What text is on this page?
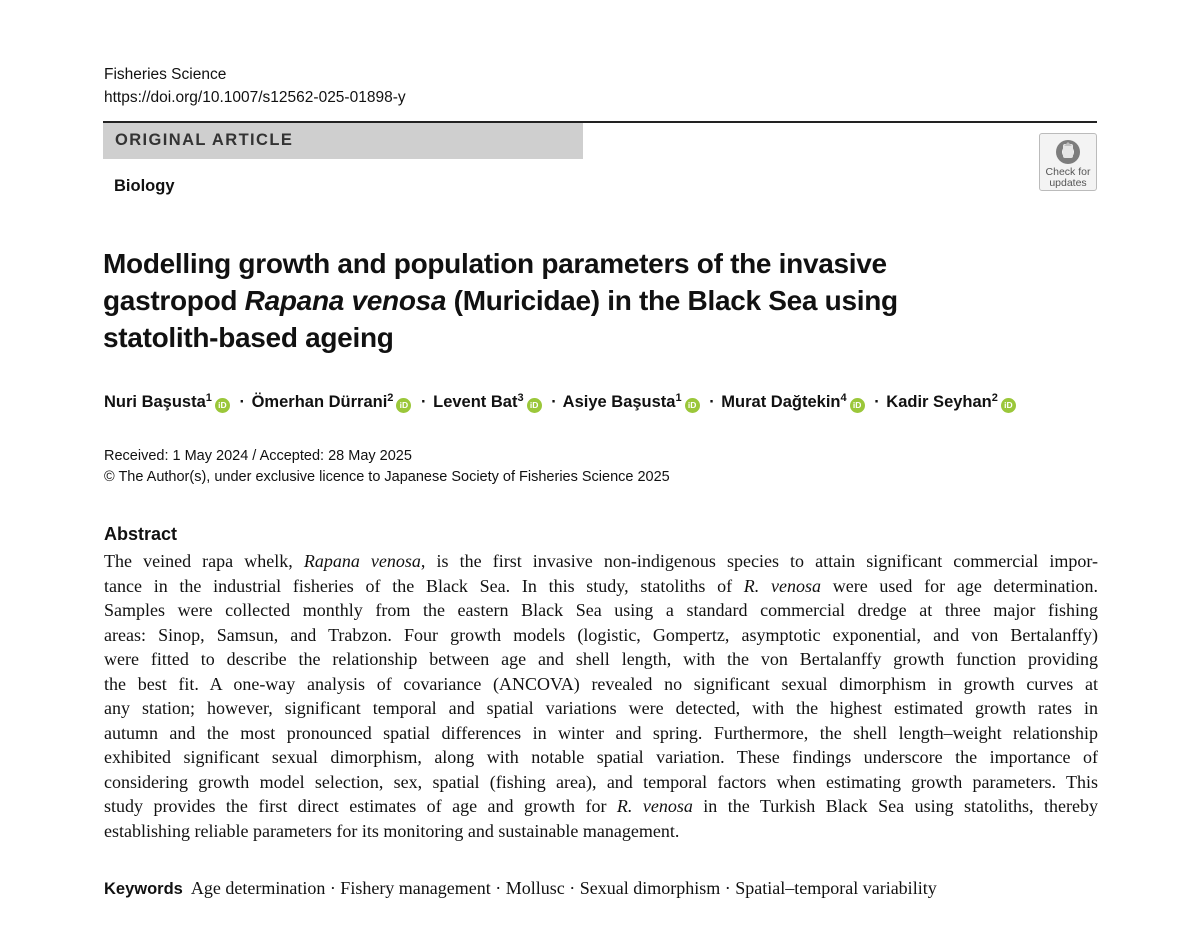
Fisheries Science
https://doi.org/10.1007/s12562-025-01898-y
ORIGINAL ARTICLE
Biology
Check for
updates
Modelling growth and population parameters of the invasive
gastropod Rapana venosa (Muricidae) in the Black Sea using
statolith-based ageing
Nuri Başusta$^1$iD · Ömerhan Dürrani$^2$iD · Levent Bat$^3$iD · Asiye Başusta$^1$iD · Murat Dağtekin$^4$iD · Kadir Seyhan$^2$iD
Received: 1 May 2024 / Accepted: 28 May 2025
© The Author(s), under exclusive licence to Japanese Society of Fisheries Science 2025
Abstract
The veined rapa whelk, Rapana venosa, is the first invasive non-indigenous species to attain significant commercial impor-
tance in the industrial fisheries of the Black Sea. In this study, statoliths of R. venosa were used for age determination.
Samples were collected monthly from the eastern Black Sea using a standard commercial dredge at three major fishing
areas: Sinop, Samsun, and Trabzon. Four growth models (logistic, Gompertz, asymptotic exponential, and von Bertalanffy)
were fitted to describe the relationship between age and shell length, with the von Bertalanffy growth function providing
the best fit. A one-way analysis of covariance (ANCOVA) revealed no significant sexual dimorphism in growth curves at
any station; however, significant temporal and spatial variations were detected, with the highest estimated growth rates in
autumn and the most pronounced spatial differences in winter and spring. Furthermore, the shell length–weight relationship
exhibited significant sexual dimorphism, along with notable spatial variation. These findings underscore the importance of
considering growth model selection, sex, spatial (fishing area), and temporal factors when estimating growth parameters. This
study provides the first direct estimates of age and growth for R. venosa in the Turkish Black Sea using statoliths, thereby
establishing reliable parameters for its monitoring and sustainable management.
Keywords Age determination · Fishery management · Mollusc · Sexual dimorphism · Spatial–temporal variability
